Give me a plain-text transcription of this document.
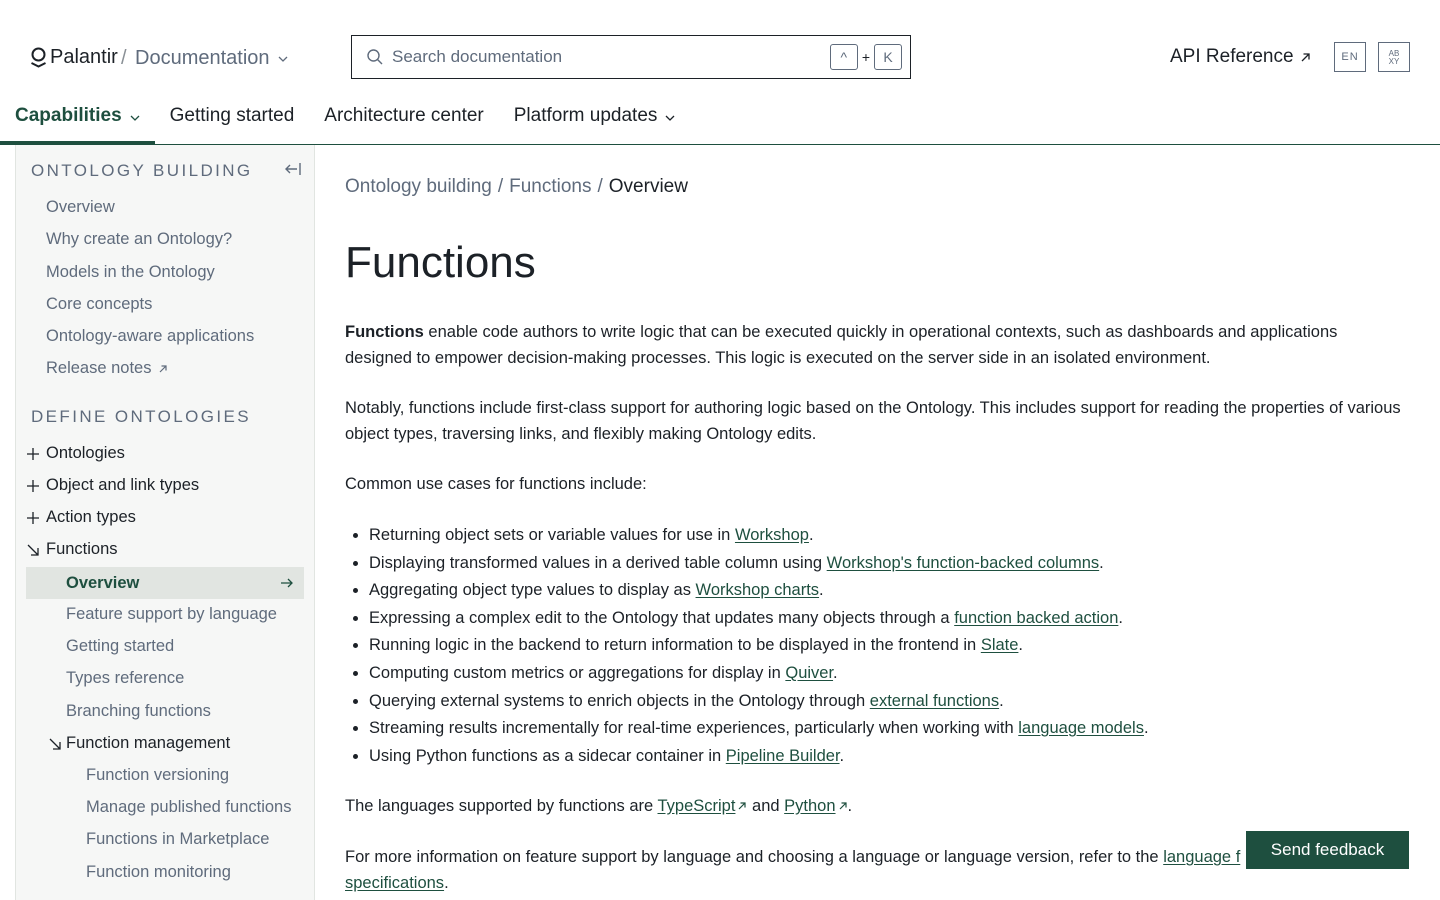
Palantir / Documentation
Search documentation	^	+ K	API Reference	EN	AB
XY
Capabilities	Getting started Architecture center Platform updates
ONTOLOGY BUILDING
Overview
Why create an Ontology?
Models in the Ontology
Core concepts
Ontology-aware applications
Release notes
DEFINE ONTOLOGIES
Ontologies
Object and link types
Action types
Functions
Overview
Feature support by language
Getting started
Types reference
Branching functions
Function management
Function versioning
Manage published functions
Functions in Marketplace
Function monitoring
Ontology building / Functions / Overview
Functions

Functions enable code authors to write logic that can be executed quickly in operational contexts, such as dashboards and applications designed to empower decision-making processes. This logic is executed on the server side in an isolated environment.

Notably, functions include first-class support for authoring logic based on the Ontology. This includes support for reading the properties of various object types, traversing links, and flexibly making Ontology edits.

Common use cases for functions include:

• Returning object sets or variable values for use in Workshop.
• Displaying transformed values in a derived table column using Workshop's function-backed columns.
• Aggregating object type values to display as Workshop charts.
• Expressing a complex edit to the Ontology that updates many objects through a function backed action.
• Running logic in the backend to return information to be displayed in the frontend in Slate.
• Computing custom metrics or aggregations for display in Quiver.
• Querying external systems to enrich objects in the Ontology through external functions.
• Streaming results incrementally for real-time experiences, particularly when working with language models.
• Using Python functions as a sidecar container in Pipeline Builder.

The languages supported by functions are TypeScript and Python .

For more information on feature support by language and choosing a language or language version, refer to the language f
specifications.

Send feedback
